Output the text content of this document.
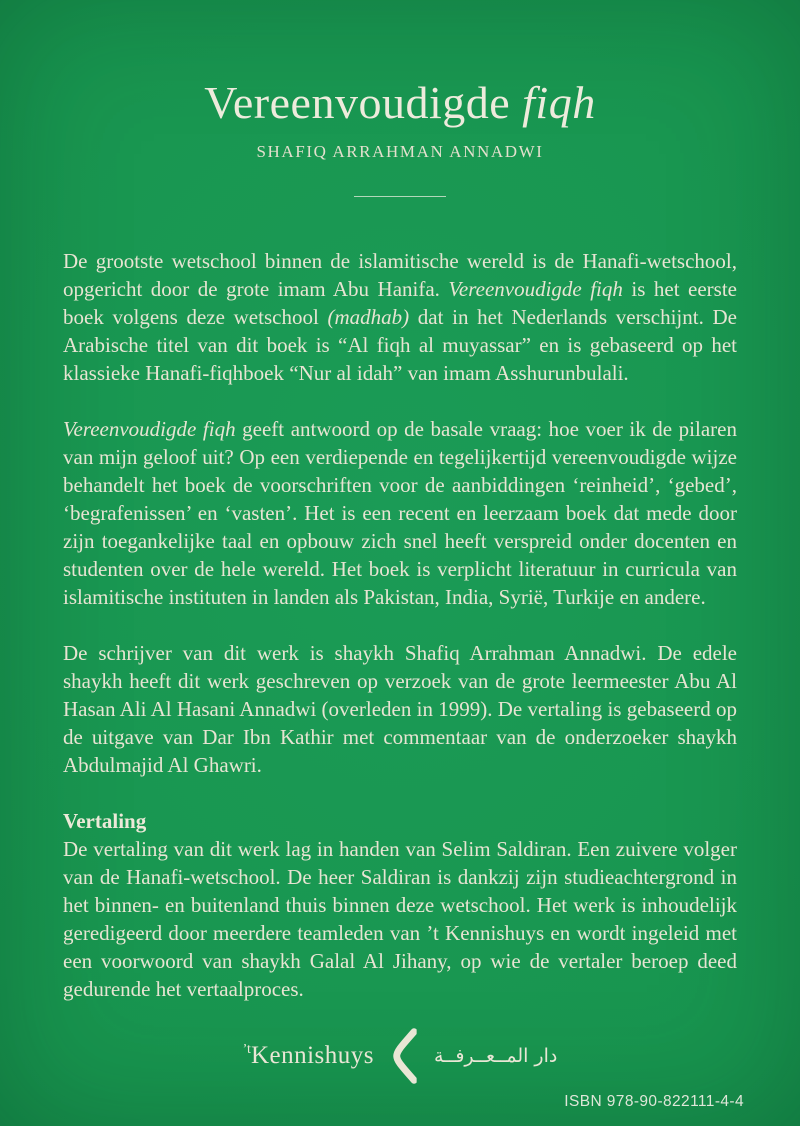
Vereenvoudigde fiqh
SHAFIQ ARRAHMAN ANNADWI

De grootste wetschool binnen de islamitische wereld is de Hanafi-wetschool, opgericht door de grote imam Abu Hanifa. Vereenvoudigde fiqh is het eerste boek volgens deze wetschool (madhab) dat in het Nederlands verschijnt. De Arabische titel van dit boek is “Al fiqh al muyassar” en is gebaseerd op het klassieke Hanafi-fiqhboek “Nur al idah” van imam Asshurunbulali.

Vereenvoudigde fiqh geeft antwoord op de basale vraag: hoe voer ik de pilaren van mijn geloof uit? Op een verdiepende en tegelijkertijd vereenvoudigde wijze behandelt het boek de voorschriften voor de aanbiddingen ‘reinheid’, ‘gebed’, ‘begrafenissen’ en ‘vasten’. Het is een recent en leerzaam boek dat mede door zijn toegankelijke taal en opbouw zich snel heeft verspreid onder docenten en studenten over de hele wereld. Het boek is verplicht literatuur in curricula van islamitische instituten in landen als Pakistan, India, Syrië, Turkije en andere.

De schrijver van dit werk is shaykh Shafiq Arrahman Annadwi. De edele shaykh heeft dit werk geschreven op verzoek van de grote leermeester Abu Al Hasan Ali Al Hasani Annadwi (overleden in 1999). De vertaling is gebaseerd op de uitgave van Dar Ibn Kathir met commentaar van de onderzoeker shaykh Abdulmajid Al Ghawri.

Vertaling

De vertaling van dit werk lag in handen van Selim Saldiran. Een zuivere volger van de Hanafi-wetschool. De heer Saldiran is dankzij zijn studieachtergrond in het binnen- en buitenland thuis binnen deze wetschool. Het werk is inhoudelijk geredigeerd door meerdere teamleden van ’t Kennishuys en wordt ingeleid met een voorwoord van shaykh Galal Al Jihany, op wie de vertaler beroep deed gedurende het vertaalproces.

$^{’t}$Kennishuys	دار المــعــرفــة
ISBN 978-90-822111-4-4
